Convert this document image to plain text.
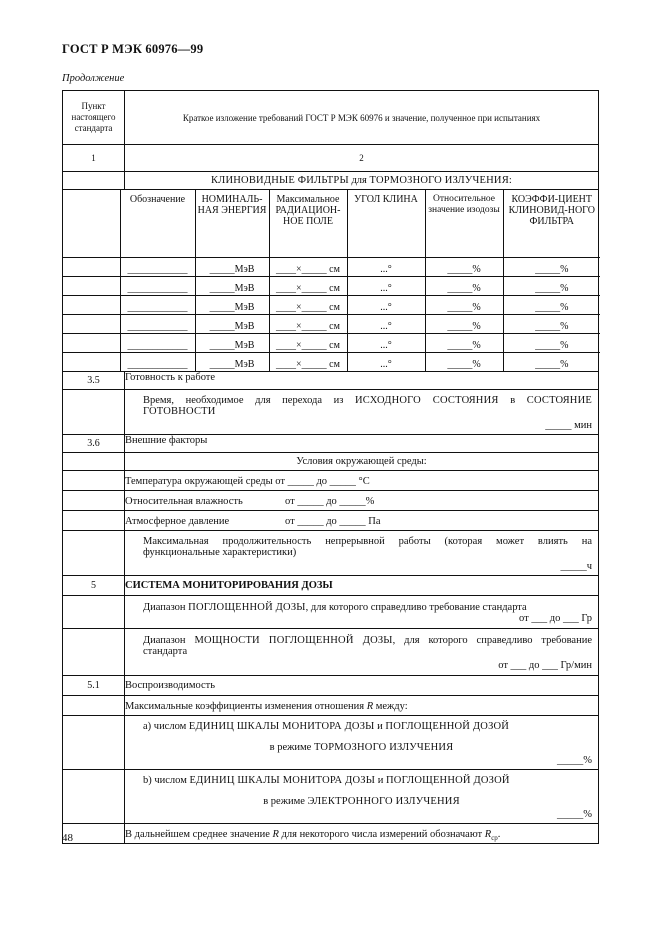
ГОСТ Р МЭК 60976—99
Продолжение
Пункт настоящего стандарта	Краткое изложение требований ГОСТ Р МЭК 60976 и значение, полученное при испытаниях
1	2
	КЛИНОВИДНЫЕ ФИЛЬТРЫ для ТОРМОЗНОГО ИЗЛУЧЕНИЯ:

	Обозначение	НОМИНАЛЬ-НАЯ ЭНЕРГИЯ	Максимальное РАДИАЦИОН-НОЕ ПОЛЕ	УГОЛ КЛИНА	Относительное значение изодозы	КОЭФФИ-ЦИЕНТ КЛИНОВИД-НОГО ФИЛЬТРА
	____________	_____МэВ	____×_____ см	...°	_____%	_____%
	____________	_____МэВ	____×_____ см	...°	_____%	_____%
	____________	_____МэВ	____×_____ см	...°	_____%	_____%
	____________	_____МэВ	____×_____ см	...°	_____%	_____%
	____________	_____МэВ	____×_____ см	...°	_____%	_____%
	____________	_____МэВ	____×_____ см	...°	_____%	_____%

3.5	Готовность к работе

Время, необходимое для перехода из ИСХОДНОГО СОСТОЯНИЯ в СОСТОЯНИЕ ГОТОВНОСТИ
_____ мин

3.6	Внешние факторы
	Условия окружающей среды:
	Температура окружающей среды от _____ до _____ °С
	Относительная влажность	от _____ до _____%
	Атмосферное давление	от _____ до _____ Па

Максимальная продолжительность непрерывной работы (которая может влиять на функциональные характеристики)
_____ч

5	СИСТЕМА МОНИТОРИРОВАНИЯ ДОЗЫ

Диапазон ПОГЛОЩЕННОЙ ДОЗЫ, для которого справедливо требование стандарта
от ___ до ___ Гр

Диапазон МОЩНОСТИ ПОГЛОЩЕННОЙ ДОЗЫ, для которого справедливо требование стандарта
от ___ до ___ Гр/мин

5.1	Воспроизводимость
	Максимальные коэффициенты изменения отношения R между:

a) числом ЕДИНИЦ ШКАЛЫ МОНИТОРА ДОЗЫ и ПОГЛОЩЕННОЙ ДОЗОЙ
в режиме ТОРМОЗНОГО ИЗЛУЧЕНИЯ
_____%

b) числом ЕДИНИЦ ШКАЛЫ МОНИТОРА ДОЗЫ и ПОГЛОЩЕННОЙ ДОЗОЙ
в режиме ЭЛЕКТРОННОГО ИЗЛУЧЕНИЯ
_____%

	В дальнейшем среднее значение R для некоторого числа измерений обозначают $R_{ср}$.
48
